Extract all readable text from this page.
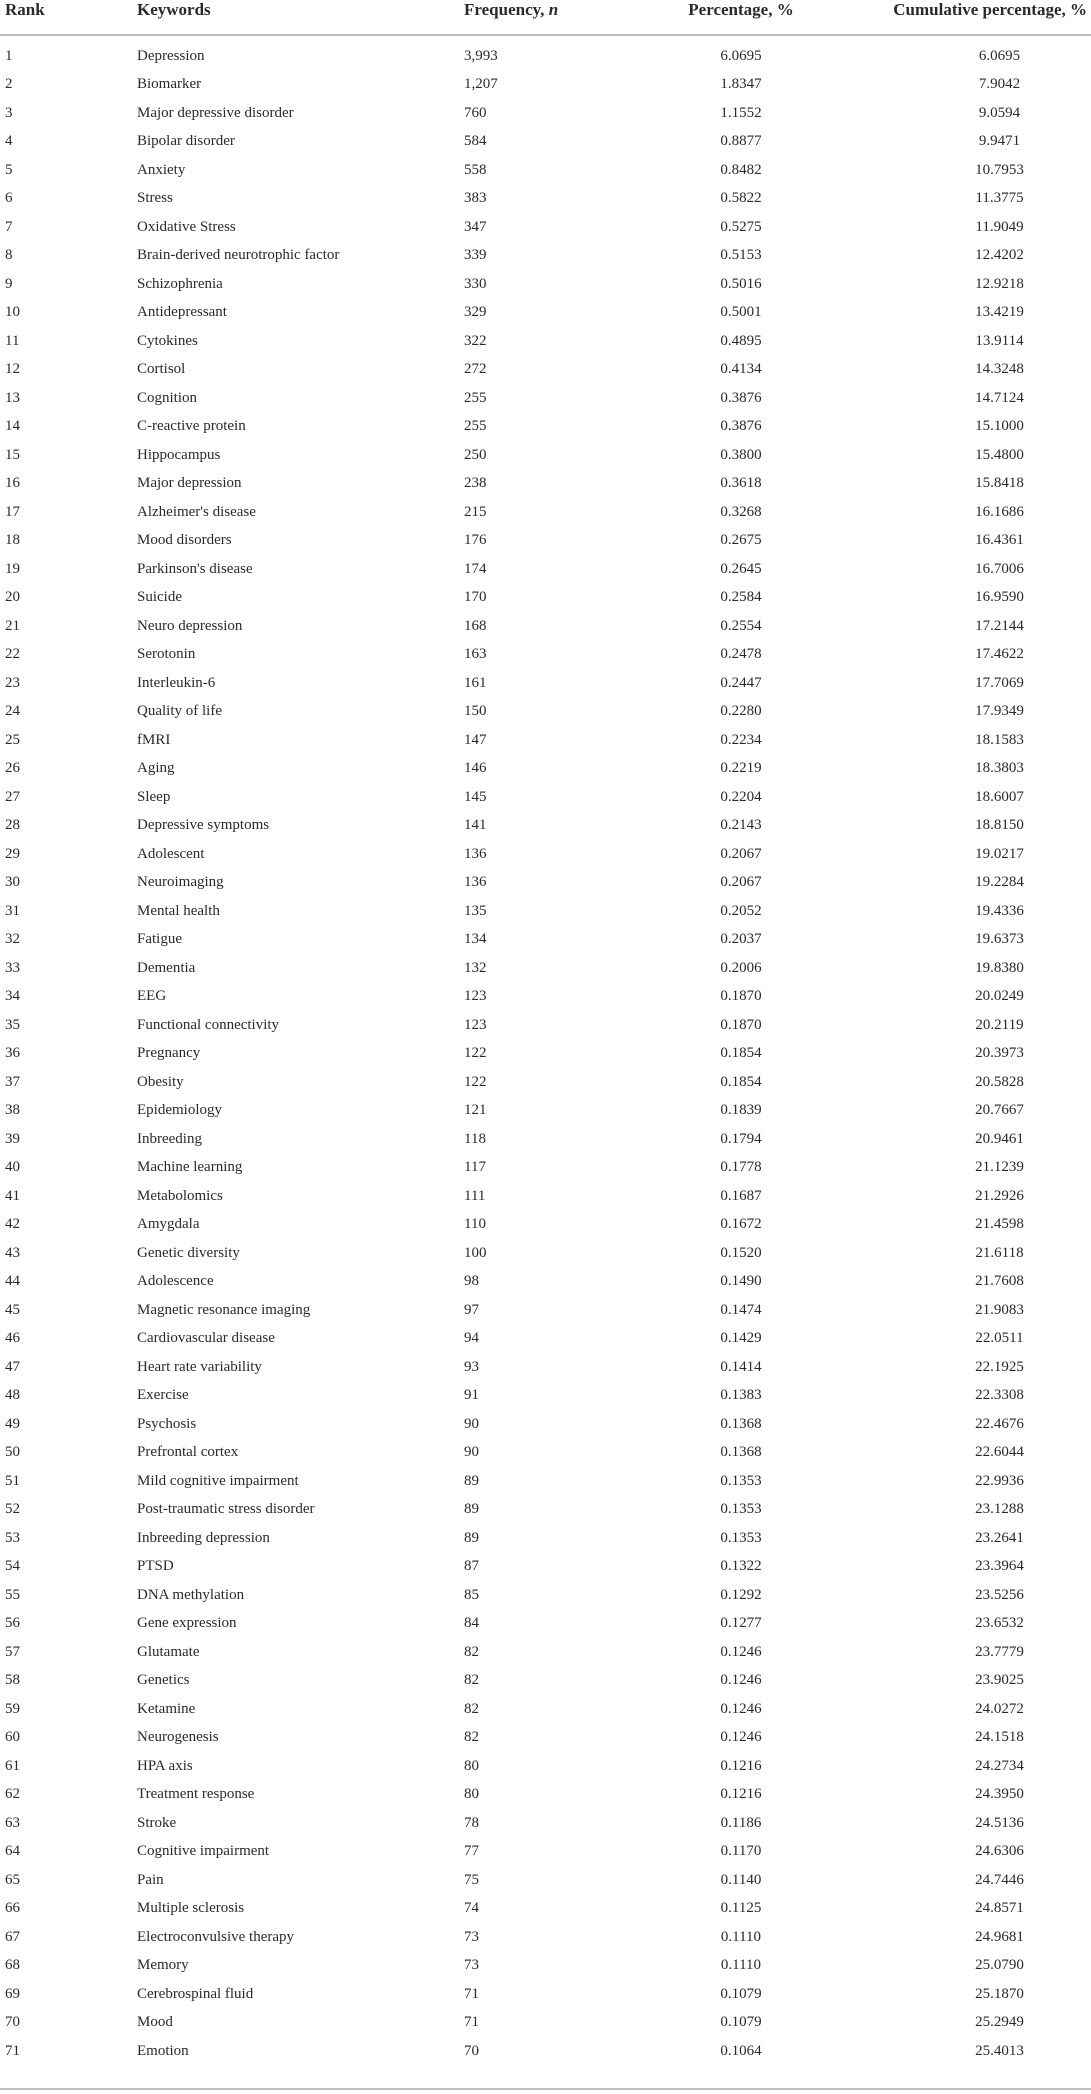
Rank	Keywords	Frequency, n	Percentage, %	Cumulative percentage, %
1	Depression	3,993	6.0695	6.0695
2	Biomarker	1,207	1.8347	7.9042
3	Major depressive disorder	760	1.1552	9.0594
4	Bipolar disorder	584	0.8877	9.9471
5	Anxiety	558	0.8482	10.7953
6	Stress	383	0.5822	11.3775
7	Oxidative Stress	347	0.5275	11.9049
8	Brain-derived neurotrophic factor	339	0.5153	12.4202
9	Schizophrenia	330	0.5016	12.9218
10	Antidepressant	329	0.5001	13.4219
11	Cytokines	322	0.4895	13.9114
12	Cortisol	272	0.4134	14.3248
13	Cognition	255	0.3876	14.7124
14	C-reactive protein	255	0.3876	15.1000
15	Hippocampus	250	0.3800	15.4800
16	Major depression	238	0.3618	15.8418
17	Alzheimer's disease	215	0.3268	16.1686
18	Mood disorders	176	0.2675	16.4361
19	Parkinson's disease	174	0.2645	16.7006
20	Suicide	170	0.2584	16.9590
21	Neuro depression	168	0.2554	17.2144
22	Serotonin	163	0.2478	17.4622
23	Interleukin-6	161	0.2447	17.7069
24	Quality of life	150	0.2280	17.9349
25	fMRI	147	0.2234	18.1583
26	Aging	146	0.2219	18.3803
27	Sleep	145	0.2204	18.6007
28	Depressive symptoms	141	0.2143	18.8150
29	Adolescent	136	0.2067	19.0217
30	Neuroimaging	136	0.2067	19.2284
31	Mental health	135	0.2052	19.4336
32	Fatigue	134	0.2037	19.6373
33	Dementia	132	0.2006	19.8380
34	EEG	123	0.1870	20.0249
35	Functional connectivity	123	0.1870	20.2119
36	Pregnancy	122	0.1854	20.3973
37	Obesity	122	0.1854	20.5828
38	Epidemiology	121	0.1839	20.7667
39	Inbreeding	118	0.1794	20.9461
40	Machine learning	117	0.1778	21.1239
41	Metabolomics	111	0.1687	21.2926
42	Amygdala	110	0.1672	21.4598
43	Genetic diversity	100	0.1520	21.6118
44	Adolescence	98	0.1490	21.7608
45	Magnetic resonance imaging	97	0.1474	21.9083
46	Cardiovascular disease	94	0.1429	22.0511
47	Heart rate variability	93	0.1414	22.1925
48	Exercise	91	0.1383	22.3308
49	Psychosis	90	0.1368	22.4676
50	Prefrontal cortex	90	0.1368	22.6044
51	Mild cognitive impairment	89	0.1353	22.9936
52	Post-traumatic stress disorder	89	0.1353	23.1288
53	Inbreeding depression	89	0.1353	23.2641
54	PTSD	87	0.1322	23.3964
55	DNA methylation	85	0.1292	23.5256
56	Gene expression	84	0.1277	23.6532
57	Glutamate	82	0.1246	23.7779
58	Genetics	82	0.1246	23.9025
59	Ketamine	82	0.1246	24.0272
60	Neurogenesis	82	0.1246	24.1518
61	HPA axis	80	0.1216	24.2734
62	Treatment response	80	0.1216	24.3950
63	Stroke	78	0.1186	24.5136
64	Cognitive impairment	77	0.1170	24.6306
65	Pain	75	0.1140	24.7446
66	Multiple sclerosis	74	0.1125	24.8571
67	Electroconvulsive therapy	73	0.1110	24.9681
68	Memory	73	0.1110	25.0790
69	Cerebrospinal fluid	71	0.1079	25.1870
70	Mood	71	0.1079	25.2949
71	Emotion	70	0.1064	25.4013
